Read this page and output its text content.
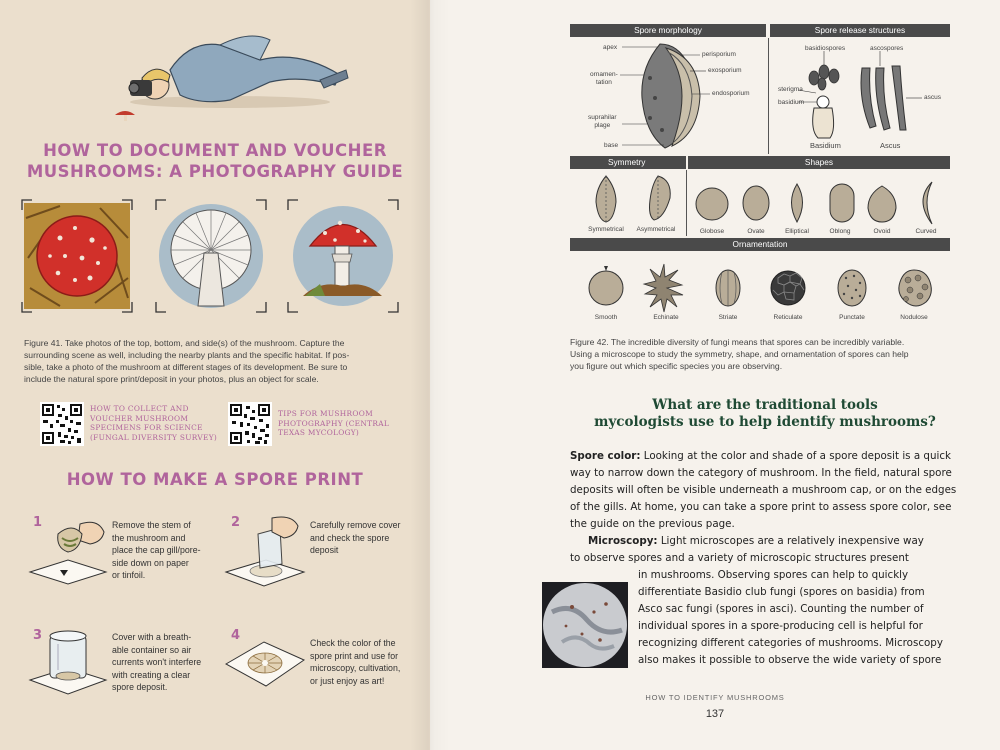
HOW TO DOCUMENT AND VOUCHER
MUSHROOMS: A PHOTOGRAPHY GUIDE
Figure 41. Take photos of the top, bottom, and side(s) of the mushroom. Capture the
surrounding scene as well, including the nearby plants and the specific habitat. If pos-
sible, take a photo of the mushroom at different stages of its development. Be sure to
include the natural spore print/deposit in your photos, plus an object for scale.
HOW TO COLLECT AND
VOUCHER MUSHROOM
SPECIMENS FOR SCIENCE
(FUNGAL DIVERSITY SURVEY)
TIPS FOR MUSHROOM
PHOTOGRAPHY (CENTRAL
TEXAS MYCOLOGY)
HOW TO MAKE A SPORE PRINT
1	Remove the stem of
the mushroom and
place the cap gill/pore-
side down on paper
or tinfoil.
2	Carefully remove cover
and check the spore
deposit
3	Cover with a breath-
able container so air
currents won't interfere
with creating a clear
spore deposit.
4	Check the color of the
spore print and use for
microscopy, cultivation,
or just enjoy as art!
Spore morphology	Spore release structures
apex
ornamen-
tation
suprahilar
plage
base
perisporium
exosporium
endosporium
basidiospores	ascospores
sterigma
basidium
ascus
Basidium	Ascus
Symmetry	Shapes
Symmetrical	Asymmetrical	Globose	Ovate	Elliptical	Oblong	Ovoid	Curved
Ornamentation
Smooth	Echinate	Striate	Reticulate	Punctate	Nodulose
Figure 42. The incredible diversity of fungi means that spores can be incredibly variable.
Using a microscope to study the symmetry, shape, and ornamentation of spores can help
you figure out which specific species you are observing.
What are the traditional tools
mycologists use to help identify mushrooms?
Spore color: Looking at the color and shade of a spore deposit is a quick
way to narrow down the category of mushroom. In the field, natural spore
deposits will often be visible underneath a mushroom cap, or on the edges
of the gills. At home, you can take a spore print to assess spore color, see
the guide on the previous page.
Microscopy: Light microscopes are a relatively inexpensive way
to observe spores and a variety of microscopic structures present
in mushrooms. Observing spores can help to quickly
differentiate Basidio club fungi (spores on basidia) from
Asco sac fungi (spores in asci). Counting the number of
individual spores in a spore-producing cell is helpful for
recognizing different categories of mushrooms. Microscopy
also makes it possible to observe the wide variety of spore
HOW TO IDENTIFY MUSHROOMS
137
